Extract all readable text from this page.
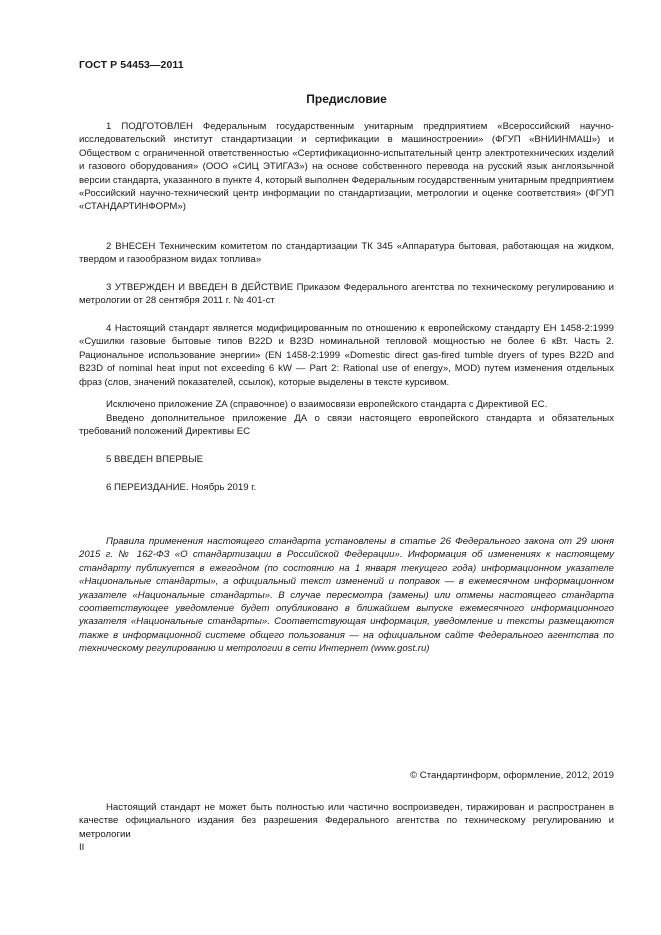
ГОСТ Р 54453—2011
Предисловие

1 ПОДГОТОВЛЕН Федеральным государственным унитарным предприятием «Всероссийский научно-исследовательский институт стандартизации и сертификации в машиностроении» (ФГУП «ВНИИНМАШ») и Обществом с ограниченной ответственностью «Сертификационно-испытательный центр электротехнических изделий и газового оборудования» (ООО «СИЦ ЭТИГАЗ») на основе собственного перевода на русский язык англоязычной версии стандарта, указанного в пункте 4, который выполнен Федеральным государственным унитарным предприятием «Российский научно-технический центр информации по стандартизации, метрологии и оценке соответствия» (ФГУП «СТАНДАРТИНФОРМ»)

2 ВНЕСЕН Техническим комитетом по стандартизации ТК 345 «Аппаратура бытовая, работающая на жидком, твердом и газообразном видах топлива»

3 УТВЕРЖДЕН И ВВЕДЕН В ДЕЙСТВИЕ Приказом Федерального агентства по техническому регулированию и метрологии от 28 сентября 2011 г. № 401-ст

4 Настоящий стандарт является модифицированным по отношению к европейскому стандарту ЕН 1458-2:1999 «Сушилки газовые бытовые типов B22D и B23D номинальной тепловой мощностью не более 6 кВт. Часть 2. Рациональное использование энергии» (EN 1458-2:1999 «Domestic direct gas-fired tumble dryers of types B22D and B23D of nominal heat input not exceeding 6 kW — Part 2: Rational use of energy», MOD) путем изменения отдельных фраз (слов, значений показателей, ссылок), которые выделены в тексте курсивом.

Исключено приложение ZA (справочное) о взаимосвязи европейского стандарта с Директивой ЕС.

Введено дополнительное приложение ДА о связи настоящего европейского стандарта и обязательных требований положений Директивы ЕС

5 ВВЕДЕН ВПЕРВЫЕ

6 ПЕРЕИЗДАНИЕ. Ноябрь 2019 г.

Правила применения настоящего стандарта установлены в статье 26 Федерального закона от 29 июня 2015 г. № 162-ФЗ «О стандартизации в Российской Федерации». Информация об изменениях к настоящему стандарту публикуется в ежегодном (по состоянию на 1 января текущего года) информационном указателе «Национальные стандарты», а официальный текст изменений и поправок — в ежемесячном информационном указателе «Национальные стандарты». В случае пересмотра (замены) или отмены настоящего стандарта соответствующее уведомление будет опубликовано в ближайшем выпуске ежемесячного информационного указателя «Национальные стандарты». Соответствующая информация, уведомление и тексты размещаются также в информационной системе общего пользования — на официальном сайте Федерального агентства по техническому регулированию и метрологии в сети Интернет (www.gost.ru)

© Стандартинформ, оформление, 2012, 2019

Настоящий стандарт не может быть полностью или частично воспроизведен, тиражирован и распространен в качестве официального издания без разрешения Федерального агентства по техническому регулированию и метрологии

II
